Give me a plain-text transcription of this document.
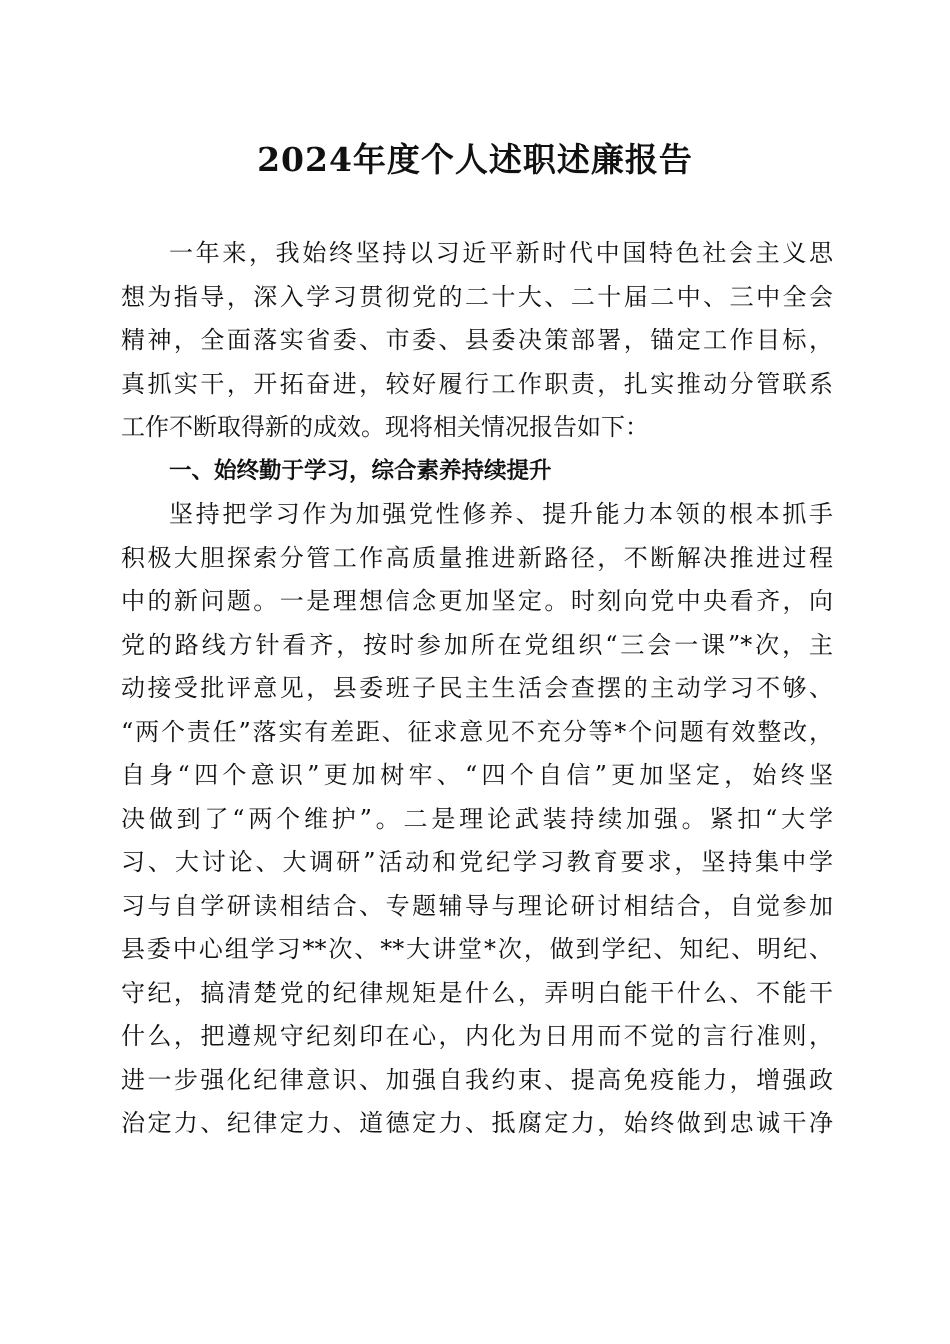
2024年度个人述职述廉报告
一年来，我始终坚持以习近平新时代中国特色社会主义思
想为指导，深入学习贯彻党的二十大、二十届二中、三中全会
精神，全面落实省委、市委、县委决策部署，锚定工作目标，
真抓实干，开拓奋进，较好履行工作职责，扎实推动分管联系
工作不断取得新的成效。现将相关情况报告如下：
一、始终勤于学习，综合素养持续提升
坚持把学习作为加强党性修养、提升能力本领的根本抓手
积极大胆探索分管工作高质量推进新路径，不断解决推进过程
中的新问题。一是理想信念更加坚定。时刻向党中央看齐，向
党的路线方针看齐，按时参加所在党组织“三会一课”*次，主
动接受批评意见，县委班子民主生活会查摆的主动学习不够、
“两个责任”落实有差距、征求意见不充分等*个问题有效整改，
自身“四个意识”更加树牢、“四个自信”更加坚定，始终坚
决做到了“两个维护”。二是理论武装持续加强。紧扣“大学
习、大讨论、大调研”活动和党纪学习教育要求，坚持集中学
习与自学研读相结合、专题辅导与理论研讨相结合，自觉参加
县委中心组学习**次、**大讲堂*次，做到学纪、知纪、明纪、
守纪，搞清楚党的纪律规矩是什么，弄明白能干什么、不能干
什么，把遵规守纪刻印在心，内化为日用而不觉的言行准则，
进一步强化纪律意识、加强自我约束、提高免疫能力，增强政
治定力、纪律定力、道德定力、抵腐定力，始终做到忠诚干净
